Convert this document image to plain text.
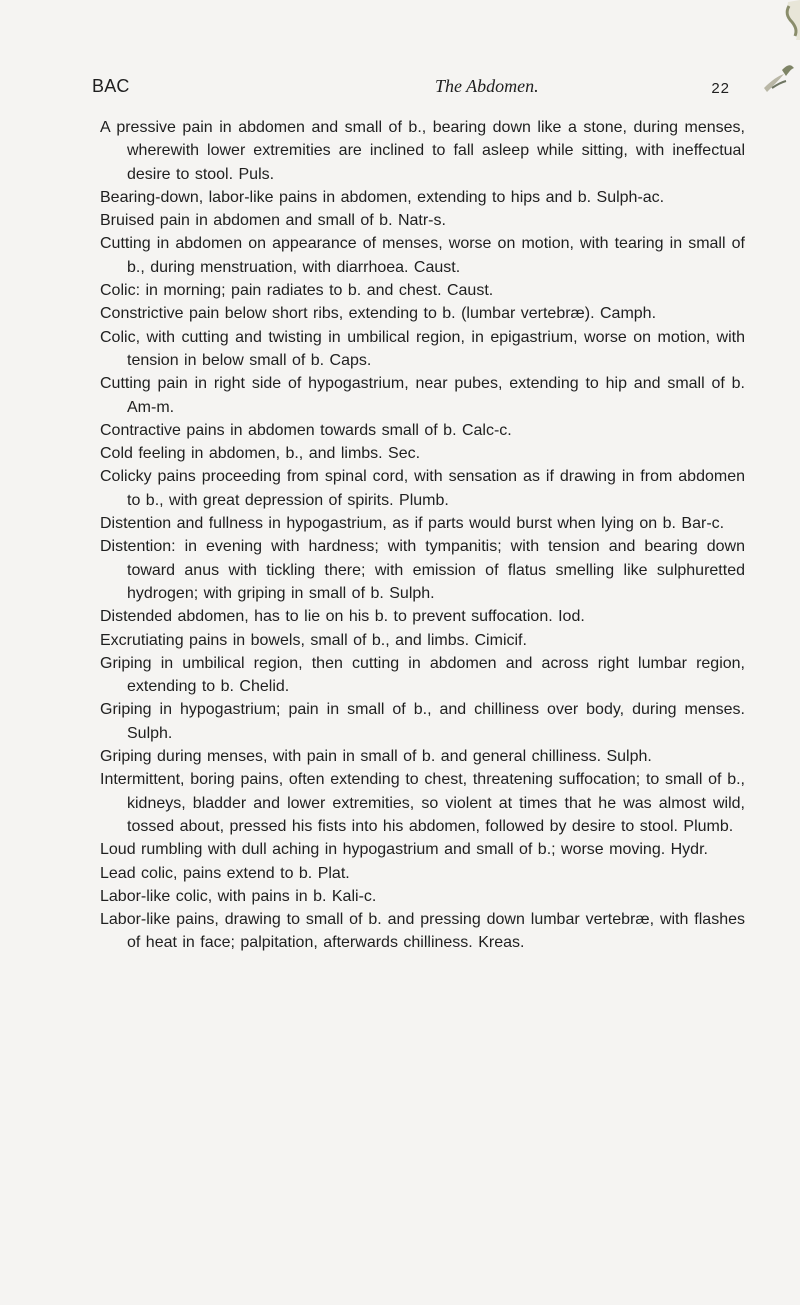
BAC	The Abdomen.	22

A pressive pain in abdomen and small of b., bearing down like a stone, during menses, wherewith lower extremities are inclined to fall asleep while sitting, with ineffectual desire to stool. Puls.

Bearing-down, labor-like pains in abdomen, extending to hips and b. Sulph-ac.

Bruised pain in abdomen and small of b. Natr-s.

Cutting in abdomen on appearance of menses, worse on motion, with tearing in small of b., during menstruation, with diarrhoea. Caust.

Colic: in morning; pain radiates to b. and chest. Caust.

Constrictive pain below short ribs, extending to b. (lumbar vertebræ). Camph.

Colic, with cutting and twisting in umbilical region, in epigastrium, worse on motion, with tension in below small of b. Caps.

Cutting pain in right side of hypogastrium, near pubes, extending to hip and small of b. Am-m.

Contractive pains in abdomen towards small of b. Calc-c.

Cold feeling in abdomen, b., and limbs. Sec.

Colicky pains proceeding from spinal cord, with sensation as if drawing in from abdomen to b., with great depression of spirits. Plumb.

Distention and fullness in hypogastrium, as if parts would burst when lying on b. Bar-c.

Distention: in evening with hardness; with tympanitis; with tension and bearing down toward anus with tickling there; with emission of flatus smelling like sulphuretted hydrogen; with griping in small of b. Sulph.

Distended abdomen, has to lie on his b. to prevent suffocation. Iod.

Excrutiating pains in bowels, small of b., and limbs. Cimicif.

Griping in umbilical region, then cutting in abdomen and across right lumbar region, extending to b. Chelid.

Griping in hypogastrium; pain in small of b., and chilliness over body, during menses. Sulph.

Griping during menses, with pain in small of b. and general chilliness. Sulph.

Intermittent, boring pains, often extending to chest, threatening suffocation; to small of b., kidneys, bladder and lower extremities, so violent at times that he was almost wild, tossed about, pressed his fists into his abdomen, followed by desire to stool. Plumb.

Loud rumbling with dull aching in hypogastrium and small of b.; worse moving. Hydr.

Lead colic, pains extend to b. Plat.

Labor-like colic, with pains in b. Kali-c.

Labor-like pains, drawing to small of b. and pressing down lumbar vertebræ, with flashes of heat in face; palpitation, afterwards chilliness. Kreas.
